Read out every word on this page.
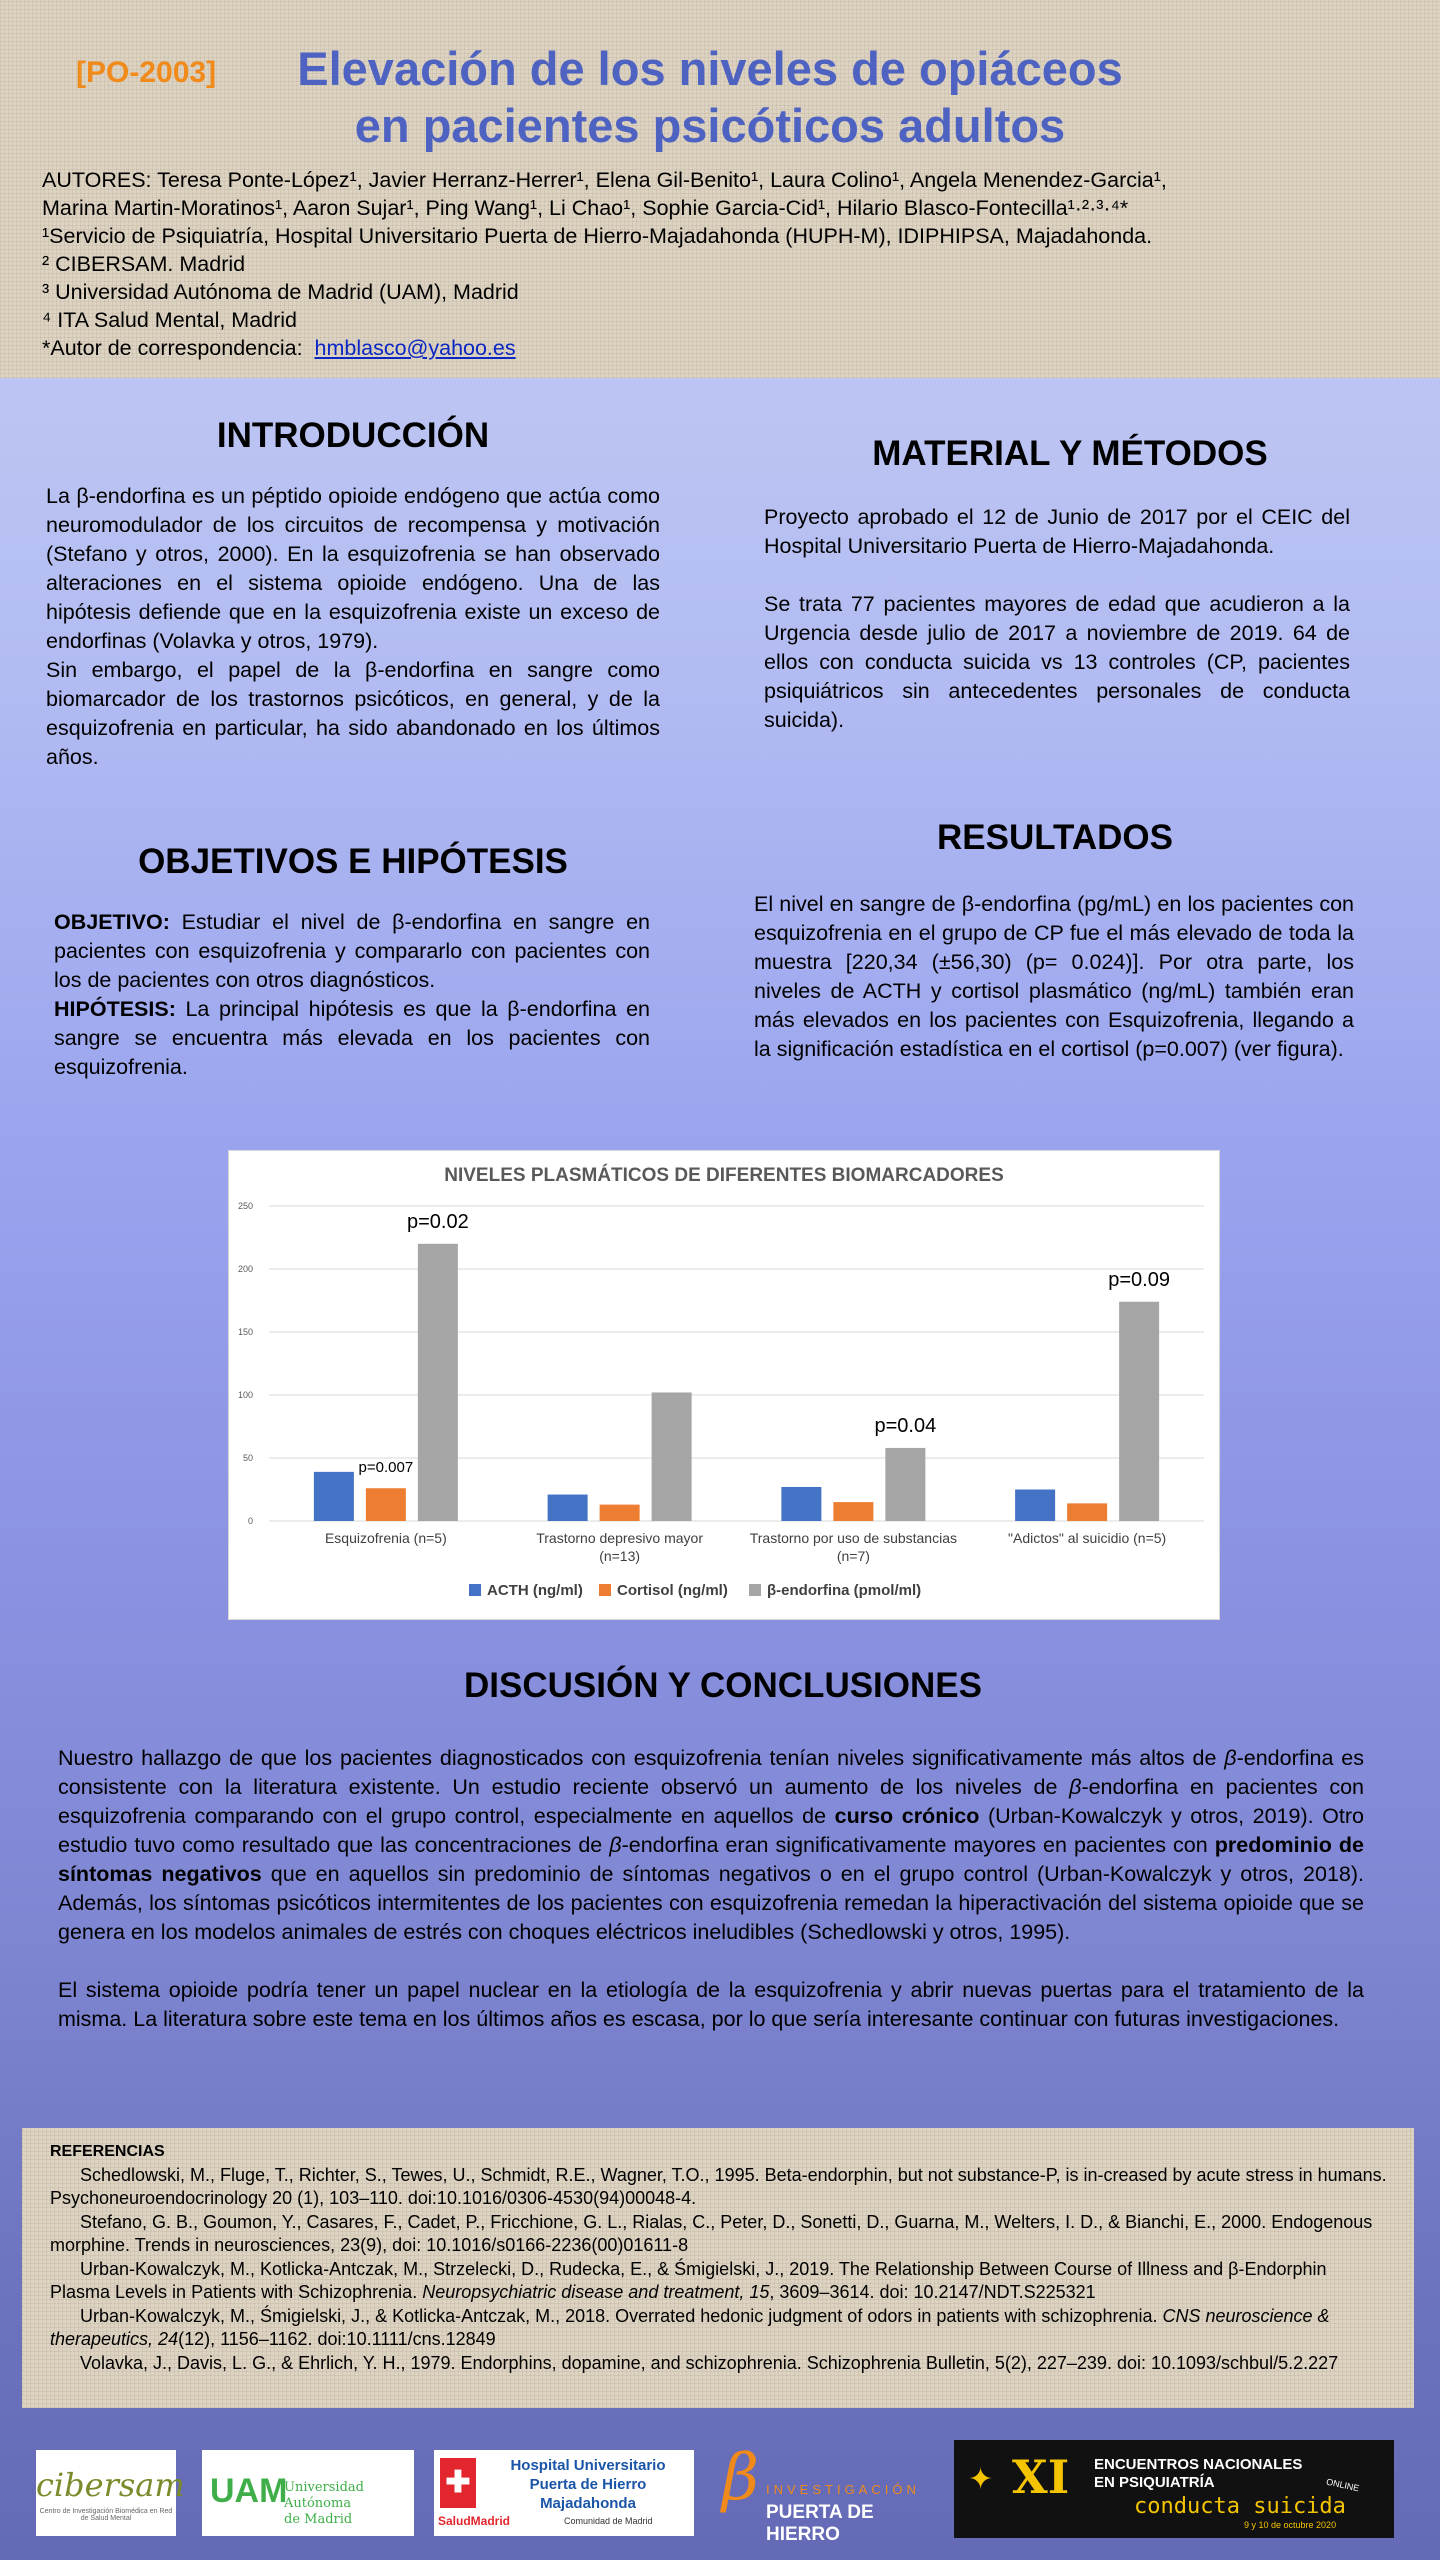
[PO-2003]	Elevación de los niveles de opiáceos
en pacientes psicóticos adultos
AUTORES: Teresa Ponte-López¹, Javier Herranz-Herrer¹, Elena Gil-Benito¹, Laura Colino¹, Angela Menendez-Garcia¹,
Marina Martin-Moratinos¹, Aaron Sujar¹, Ping Wang¹, Li Chao¹, Sophie Garcia-Cid¹, Hilario Blasco-Fontecilla¹·²·³·⁴*
¹Servicio de Psiquiatría, Hospital Universitario Puerta de Hierro-Majadahonda (HUPH-M), IDIPHIPSA, Majadahonda.
² CIBERSAM. Madrid
³ Universidad Autónoma de Madrid (UAM), Madrid
⁴ ITA Salud Mental, Madrid
*Autor de correspondencia: hmblasco@yahoo.es
INTRODUCCIÓN

La β-endorfina es un péptido opioide endógeno que actúa como neuromodulador de los circuitos de recompensa y motivación (Stefano y otros, 2000). En la esquizofrenia se han observado alteraciones en el sistema opioide endógeno. Una de las hipótesis defiende que en la esquizofrenia existe un exceso de endorfinas (Volavka y otros, 1979).

Sin embargo, el papel de la β-endorfina en sangre como biomarcador de los trastornos psicóticos, en general, y de la esquizofrenia en particular, ha sido abandonado en los últimos años.

OBJETIVOS E HIPÓTESIS

OBJETIVO: Estudiar el nivel de β-endorfina en sangre en pacientes con esquizofrenia y compararlo con pacientes con los de pacientes con otros diagnósticos.

HIPÓTESIS: La principal hipótesis es que la β-endorfina en sangre se encuentra más elevada en los pacientes con esquizofrenia.

MATERIAL Y MÉTODOS

Proyecto aprobado el 12 de Junio de 2017 por el CEIC del Hospital Universitario Puerta de Hierro-Majadahonda.

Se trata 77 pacientes mayores de edad que acudieron a la Urgencia desde julio de 2017 a noviembre de 2019. 64 de ellos con conducta suicida vs 13 controles (CP, pacientes psiquiátricos sin antecedentes personales de conducta suicida).

RESULTADOS

El nivel en sangre de β-endorfina (pg/mL) en los pacientes con esquizofrenia en el grupo de CP fue el más elevado de toda la muestra [220,34 (±56,30) (p= 0.024)]. Por otra parte, los niveles de ACTH y cortisol plasmático (ng/mL) también eran más elevados en los pacientes con Esquizofrenia, llegando a la significación estadística en el cortisol (p=0.007) (ver figura).

NIVELES PLASMÁTICOS DE DIFERENTES BIOMARCADORES
0
50
100
150
200
250
Esquizofrenia (n=5)	Trastorno depresivo mayor
(n=13)
Trastorno por uso de substancias
(n=7)
"Adictos" al suicidio (n=5)
p=0.02
p=0.007
p=0.04
p=0.09
ACTH (ng/ml) Cortisol (ng/ml)	β-endorfina (pmol/ml)
DISCUSIÓN Y CONCLUSIONES

Nuestro hallazgo de que los pacientes diagnosticados con esquizofrenia tenían niveles significativamente más altos de β-endorfina es consistente con la literatura existente. Un estudio reciente observó un aumento de los niveles de β-endorfina en pacientes con esquizofrenia comparando con el grupo control, especialmente en aquellos de curso crónico (Urban-Kowalczyk y otros, 2019). Otro estudio tuvo como resultado que las concentraciones de β-endorfina eran significativamente mayores en pacientes con predominio de síntomas negativos que en aquellos sin predominio de síntomas negativos o en el grupo control (Urban-Kowalczyk y otros, 2018). Además, los síntomas psicóticos intermitentes de los pacientes con esquizofrenia remedan la hiperactivación del sistema opioide que se genera en los modelos animales de estrés con choques eléctricos ineludibles (Schedlowski y otros, 1995).

El sistema opioide podría tener un papel nuclear en la etiología de la esquizofrenia y abrir nuevas puertas para el tratamiento de la misma. La literatura sobre este tema en los últimos años es escasa, por lo que sería interesante continuar con futuras investigaciones.

REFERENCIAS

Schedlowski, M., Fluge, T., Richter, S., Tewes, U., Schmidt, R.E., Wagner, T.O., 1995. Beta-endorphin, but not substance-P, is in-creased by acute stress in humans. Psychoneuroendocrinology 20 (1), 103–110. doi:10.1016/0306-4530(94)00048-4.

Stefano, G. B., Goumon, Y., Casares, F., Cadet, P., Fricchione, G. L., Rialas, C., Peter, D., Sonetti, D., Guarna, M., Welters, I. D., & Bianchi, E., 2000. Endogenous morphine. Trends in neurosciences, 23(9), doi: 10.1016/s0166-2236(00)01611-8

Urban-Kowalczyk, M., Kotlicka-Antczak, M., Strzelecki, D., Rudecka, E., & Śmigielski, J., 2019. The Relationship Between Course of Illness and β-Endorphin Plasma Levels in Patients with Schizophrenia. Neuropsychiatric disease and treatment, 15, 3609–3614. doi: 10.2147/NDT.S225321

Urban-Kowalczyk, M., Śmigielski, J., & Kotlicka-Antczak, M., 2018. Overrated hedonic judgment of odors in patients with schizophrenia. CNS neuroscience & therapeutics, 24(12), 1156–1162. doi:10.1111/cns.12849

Volavka, J., Davis, L. G., & Ehrlich, Y. H., 1979. Endorphins, dopamine, and schizophrenia. Schizophrenia Bulletin, 5(2), 227–239. doi: 10.1093/schbul/5.2.227

cibersam
Centro de Investigación Biomédica en Red de Salud Mental
UAM
Universidad Autónoma
de Madrid
✚
Hospital Universitario
Puerta de Hierro Majadahonda
SaludMadrid	Comunidad de Madrid
β INVESTIGACIÓN
PUERTA DE HIERRO
✦ XI ENCUENTROS NACIONALES
EN PSIQUIATRÍA	ONLINE
conducta suicida
9 y 10 de octubre 2020
